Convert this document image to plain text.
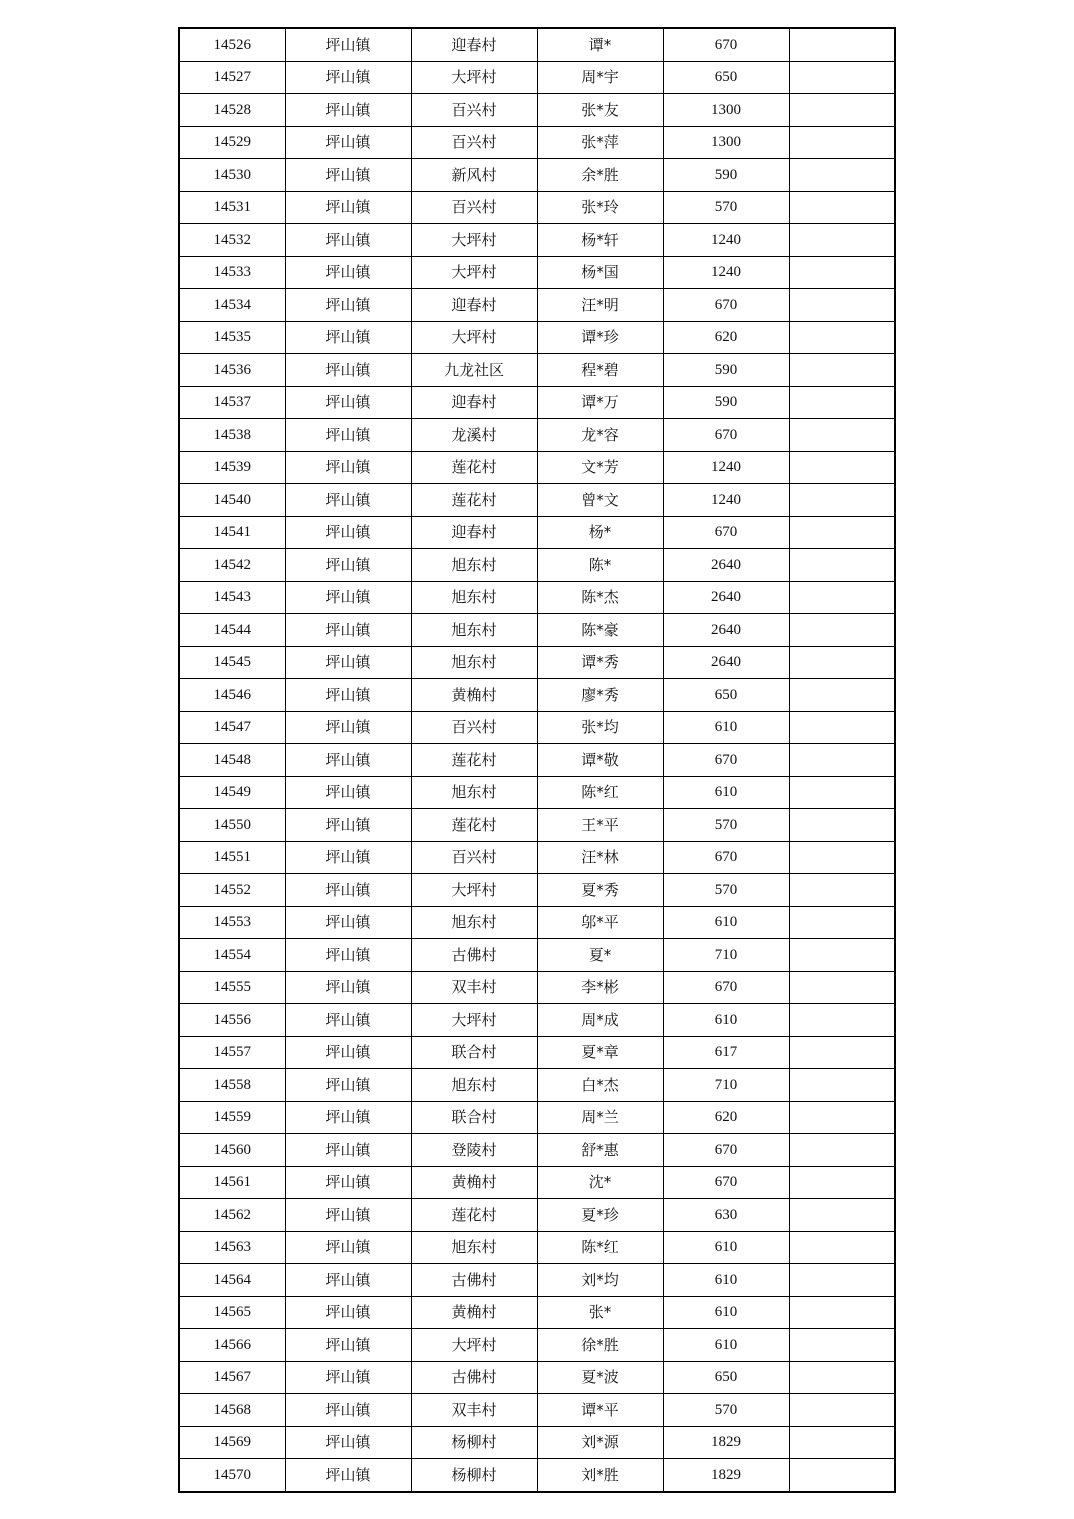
14526	坪山镇	迎春村	谭*	670	
14527	坪山镇	大坪村	周*宇	650	
14528	坪山镇	百兴村	张*友	1300	
14529	坪山镇	百兴村	张*萍	1300	
14530	坪山镇	新风村	余*胜	590	
14531	坪山镇	百兴村	张*玲	570	
14532	坪山镇	大坪村	杨*轩	1240	
14533	坪山镇	大坪村	杨*国	1240	
14534	坪山镇	迎春村	汪*明	670	
14535	坪山镇	大坪村	谭*珍	620	
14536	坪山镇	九龙社区	程*碧	590	
14537	坪山镇	迎春村	谭*万	590	
14538	坪山镇	龙溪村	龙*容	670	
14539	坪山镇	莲花村	文*芳	1240	
14540	坪山镇	莲花村	曾*文	1240	
14541	坪山镇	迎春村	杨*	670	
14542	坪山镇	旭东村	陈*	2640	
14543	坪山镇	旭东村	陈*杰	2640	
14544	坪山镇	旭东村	陈*豪	2640	
14545	坪山镇	旭东村	谭*秀	2640	
14546	坪山镇	黄桷村	廖*秀	650	
14547	坪山镇	百兴村	张*均	610	
14548	坪山镇	莲花村	谭*敬	670	
14549	坪山镇	旭东村	陈*红	610	
14550	坪山镇	莲花村	王*平	570	
14551	坪山镇	百兴村	汪*林	670	
14552	坪山镇	大坪村	夏*秀	570	
14553	坪山镇	旭东村	邬*平	610	
14554	坪山镇	古佛村	夏*	710	
14555	坪山镇	双丰村	李*彬	670	
14556	坪山镇	大坪村	周*成	610	
14557	坪山镇	联合村	夏*章	617	
14558	坪山镇	旭东村	白*杰	710	
14559	坪山镇	联合村	周*兰	620	
14560	坪山镇	登陵村	舒*惠	670	
14561	坪山镇	黄桷村	沈*	670	
14562	坪山镇	莲花村	夏*珍	630	
14563	坪山镇	旭东村	陈*红	610	
14564	坪山镇	古佛村	刘*均	610	
14565	坪山镇	黄桷村	张*	610	
14566	坪山镇	大坪村	徐*胜	610	
14567	坪山镇	古佛村	夏*波	650	
14568	坪山镇	双丰村	谭*平	570	
14569	坪山镇	杨柳村	刘*源	1829	
14570	坪山镇	杨柳村	刘*胜	1829	
